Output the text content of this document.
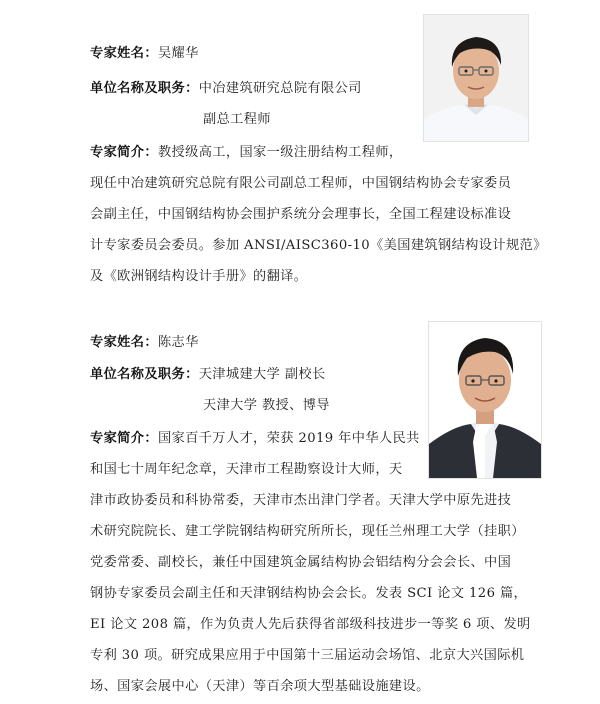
专家姓名：吴耀华
单位名称及职务：中冶建筑研究总院有限公司
副总工程师
专家简介：教授级高工，国家一级注册结构工程师，
现任中冶建筑研究总院有限公司副总工程师，中国钢结构协会专家委员
会副主任，中国钢结构协会围护系统分会理事长，全国工程建设标准设
计专家委员会委员。参加 ANSI/AISC360-10《美国建筑钢结构设计规范》
及《欧洲钢结构设计手册》的翻译。
专家姓名：陈志华
单位名称及职务：天津城建大学 副校长
天津大学 教授、博导
专家简介：国家百千万人才，荣获 2019 年中华人民共
和国七十周年纪念章，天津市工程勘察设计大师，天
津市政协委员和科协常委，天津市杰出津门学者。天津大学中原先进技
术研究院院长、建工学院钢结构研究所所长，现任兰州理工大学（挂职）
党委常委、副校长，兼任中国建筑金属结构协会铝结构分会会长、中国
钢协专家委员会副主任和天津钢结构协会会长。发表 SCI 论文 126 篇，
EI 论文 208 篇，作为负责人先后获得省部级科技进步一等奖 6 项、发明
专利 30 项。研究成果应用于中国第十三届运动会场馆、北京大兴国际机
场、国家会展中心（天津）等百余项大型基础设施建设。
